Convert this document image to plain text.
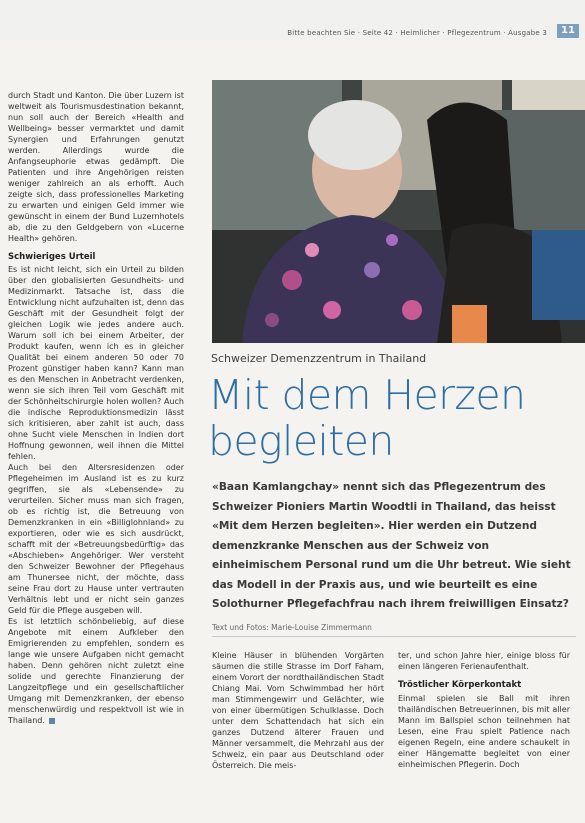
Bitte beachten Sie · Seite 42 · Heimlicher · Pflegezentrum · Ausgabe 3	11

durch Stadt und Kanton. Die über Luzern ist weltweit als Tourismusdestination bekannt, nun soll auch der Bereich «Health and Wellbeing» besser vermarktet und damit Synergien und Erfahrungen genutzt werden. Allerdings wurde die Anfangseuphorie etwas gedämpft. Die Patienten und ihre Angehörigen reisten weniger zahlreich an als erhofft. Auch zeigte sich, dass professionelles Marketing zu erwarten und einigen Geld immer wie gewünscht in einem der Bund Luzernhotels ab, die zu den Geldgebern von «Lucerne Health» gehören.

Schwieriges Urteil

Es ist nicht leicht, sich ein Urteil zu bilden über den globalisierten Gesundheits- und Medizinmarkt. Tatsache ist, dass die Entwicklung nicht aufzuhalten ist, denn das Geschäft mit der Gesundheit folgt der gleichen Logik wie jedes andere auch. Warum soll ich bei einem Arbeiter, der Produkt kaufen, wenn ich es in gleicher Qualität bei einem anderen 50 oder 70 Prozent günstiger haben kann? Kann man es den Menschen in Anbetracht verdenken, wenn sie sich ihren Teil vom Geschäft mit der Schönheitschirurgie holen wollen? Auch die indische Reproduktionsmedizin lässt sich kritisieren, aber zahlt ist auch, dass ohne Sucht viele Menschen in Indien dort Hoffnung gewonnen, weil ihnen die Mittel fehlen.

Auch bei den Altersresidenzen oder Pflegeheimen im Ausland ist es zu kurz gegriffen, sie als «Lebensende» zu verurteilen. Sicher muss man sich fragen, ob es richtig ist, die Betreuung von Demenzkranken in ein «Billiglohnland» zu exportieren, oder wie es sich ausdrückt, schafft mit der «Betreuungsbedürftig» das «Abschieben» Angehöriger. Wer versteht den Schweizer Bewohner der Pflegehaus am Thunersee nicht, der möchte, dass seine Frau dort zu Hause unter vertrauten Verhältnis lebt und er nicht sein ganzes Geld für die Pflege ausgeben will.

Es ist letztlich schönbeliebig, auf diese Angebote mit einem Aufkleber den Emigrierenden zu empfehlen, sondern es lange wie unsere Aufgaben nicht gemacht haben. Denn gehören nicht zuletzt eine solide und gerechte Finanzierung der Langzeitpflege und ein gesellschaftlicher Umgang mit Demenzkranken, der ebenso menschenwürdig und respektvoll ist wie in Thailand.

Schweizer Demenzzentrum in Thailand
Mit dem Herzen begleiten
«Baan Kamlangchay» nennt sich das Pflegezentrum des Schweizer Pioniers Martin Woodtli in Thailand, das heisst «Mit dem Herzen begleiten». Hier werden ein Dutzend demenzkranke Menschen aus der Schweiz von einheimischem Personal rund um die Uhr betreut. Wie sieht das Modell in der Praxis aus, und wie beurteilt es eine Solothurner Pflegefachfrau nach ihrem freiwilligen Einsatz?
Text und Fotos: Marie-Louise Zimmermann

Kleine Häuser in blühenden Vorgärten säumen die stille Strasse im Dorf Faham, einem Vorort der nordthailändischen Stadt Chiang Mai. Vom Schwimmbad her hört man Stimmengewirr und Gelächter, wie von einer übermütigen Schulklasse. Doch unter dem Schattendach hat sich ein ganzes Dutzend älterer Frauen und Männer versammelt, die Mehrzahl aus der Schweiz, ein paar aus Deutschland oder Österreich. Die meis-

ter, und schon Jahre hier, einige bloss für einen längeren Ferienaufenthalt.

Tröstlicher Körperkontakt

Einmal spielen sie Ball mit ihren thailändischen Betreuerinnen, bis mit aller Mann im Ballspiel schon teilnehmen hat Lesen, eine Frau spielt Patience nach eigenen Regeln, eine andere schaukelt in einer Hängematte begleitet von einer einheimischen Pflegerin. Doch
